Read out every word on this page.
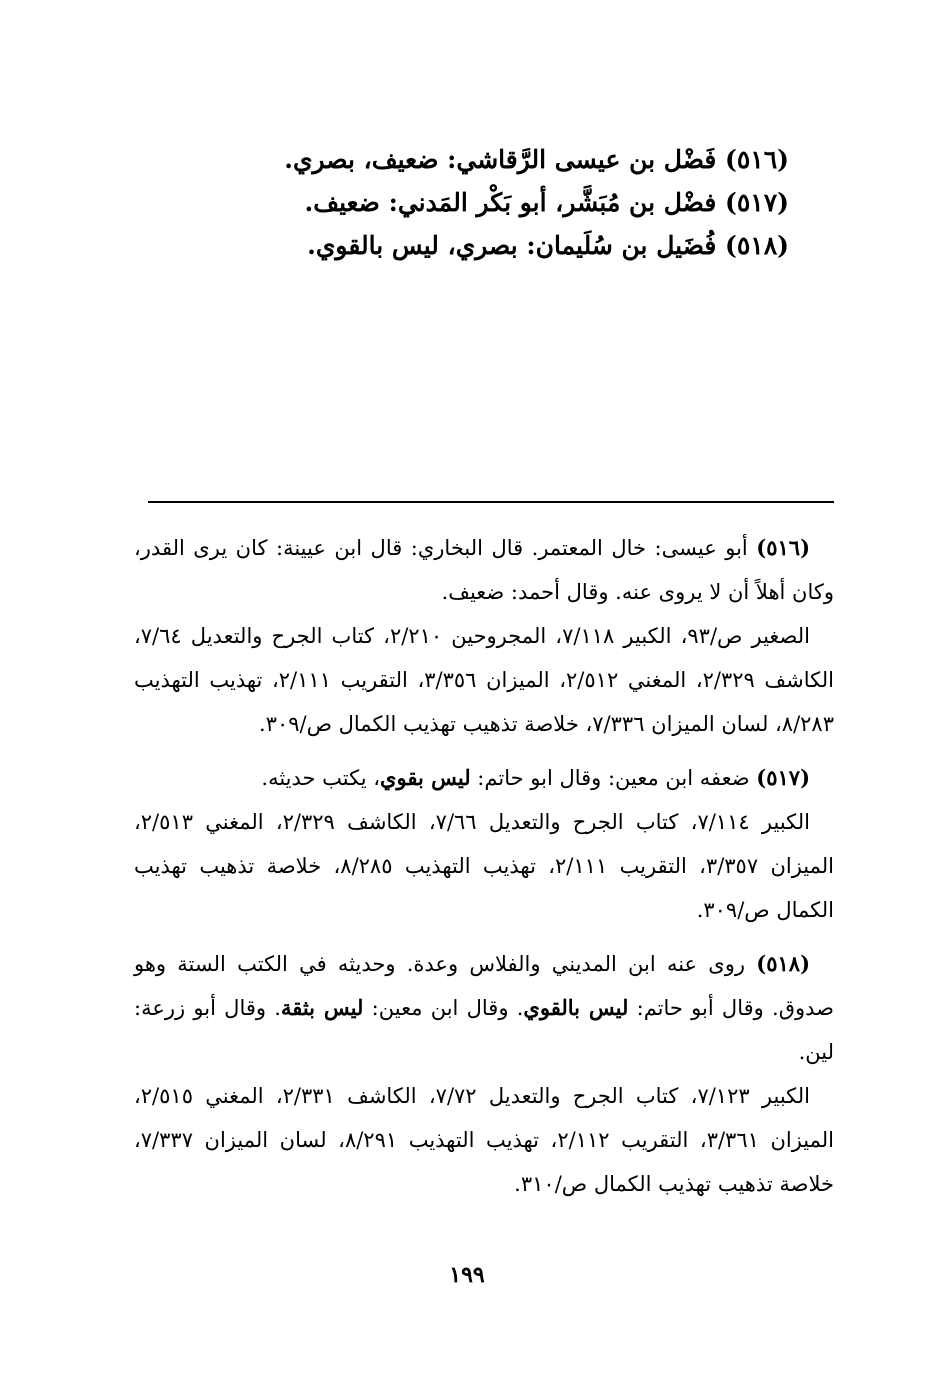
(٥١٦) فَضْل بن عيسى الرَّقاشي: ضعيف، بصري.
(٥١٧) فضْل بن مُبَشَّر، أبو بَكْر المَدني: ضعيف.
(٥١٨) فُضَيل بن سُلَيمان: بصري، ليس بالقوي.

(٥١٦) أبو عيسى: خال المعتمر. قال البخاري: قال ابن عيينة: كان يرى القدر، وكان أهلاً أن لا يروى عنه. وقال أحمد: ضعيف.

الصغير ص/٩٣، الكبير ٧/١١٨، المجروحين ٢/٢١٠، كتاب الجرح والتعديل ٧/٦٤، الكاشف ٢/٣٢٩، المغني ٢/٥١٢، الميزان ٣/٣٥٦، التقريب ٢/١١١، تهذيب التهذيب ٨/٢٨٣، لسان الميزان ٧/٣٣٦، خلاصة تذهيب تهذيب الكمال ص/٣٠٩.

(٥١٧) ضعفه ابن معين: وقال ابو حاتم: ليس بقوي، يكتب حديثه.

الكبير ٧/١١٤، كتاب الجرح والتعديل ٧/٦٦، الكاشف ٢/٣٢٩، المغني ٢/٥١٣، الميزان ٣/٣٥٧، التقريب ٢/١١١، تهذيب التهذيب ٨/٢٨٥، خلاصة تذهيب تهذيب الكمال ص/٣٠٩.

(٥١٨) روى عنه ابن المديني والفلاس وعدة. وحديثه في الكتب الستة وهو صدوق. وقال أبو حاتم: ليس بالقوي. وقال ابن معين: ليس بثقة. وقال أبو زرعة: لين.

الكبير ٧/١٢٣، كتاب الجرح والتعديل ٧/٧٢، الكاشف ٢/٣٣١، المغني ٢/٥١٥، الميزان ٣/٣٦١، التقريب ٢/١١٢، تهذيب التهذيب ٨/٢٩١، لسان الميزان ٧/٣٣٧، خلاصة تذهيب تهذيب الكمال ص/٣١٠.

١٩٩
